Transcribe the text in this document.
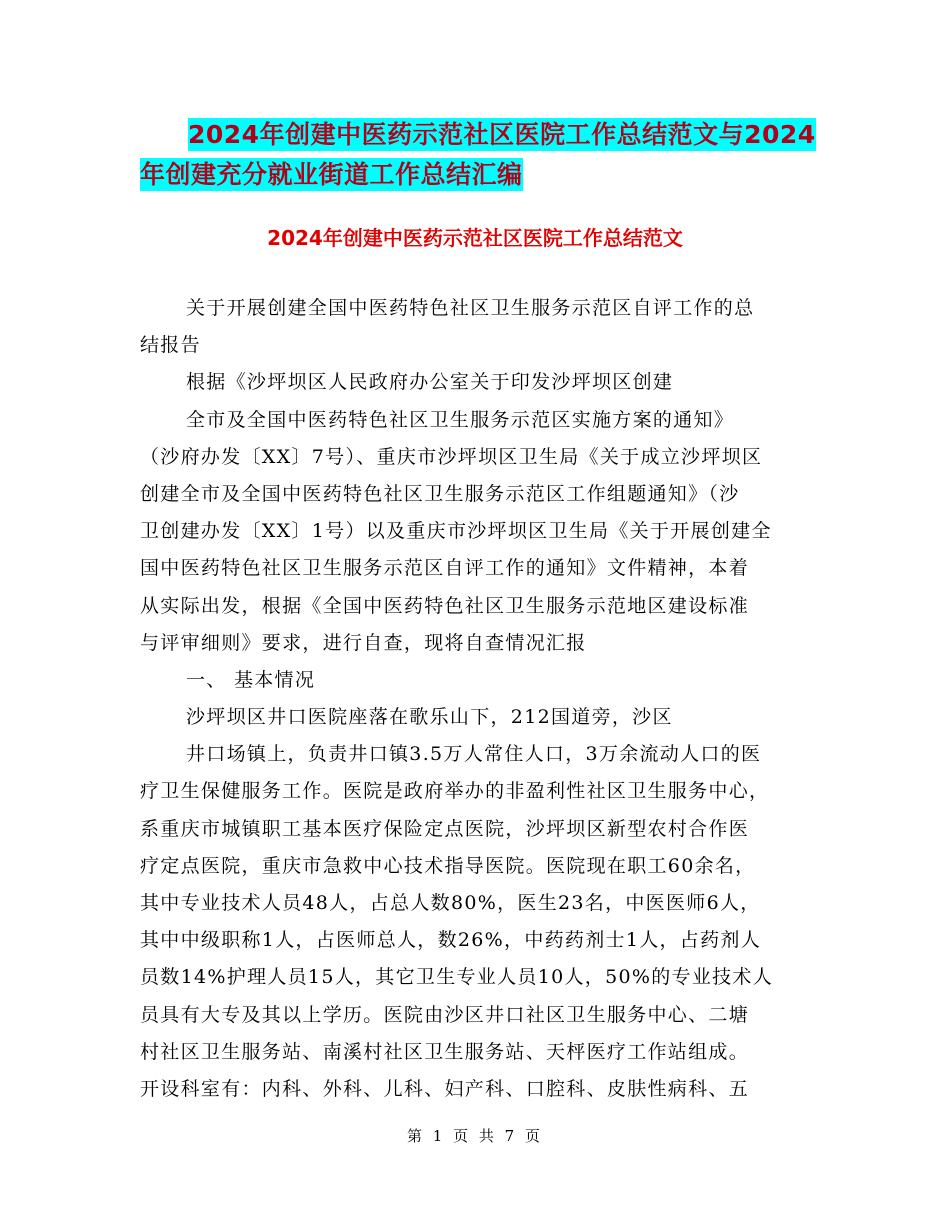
2024年创建中医药示范社区医院工作总结范文与2024
年创建充分就业街道工作总结汇编
2024年创建中医药示范社区医院工作总结范文
关于开展创建全国中医药特色社区卫生服务示范区自评工作的总
结报告
根据《沙坪坝区人民政府办公室关于印发沙坪坝区创建
全市及全国中医药特色社区卫生服务示范区实施方案的通知》
（沙府办发〔XX〕7号）、重庆市沙坪坝区卫生局《关于成立沙坪坝区
创建全市及全国中医药特色社区卫生服务示范区工作组题通知》（沙
卫创建办发〔XX〕1号）以及重庆市沙坪坝区卫生局《关于开展创建全
国中医药特色社区卫生服务示范区自评工作的通知》文件精神，本着
从实际出发，根据《全国中医药特色社区卫生服务示范地区建设标准
与评审细则》要求，进行自查，现将自查情况汇报
一、 基本情况
沙坪坝区井口医院座落在歌乐山下，212国道旁，沙区
井口场镇上，负责井口镇3.5万人常住人口，3万余流动人口的医
疗卫生保健服务工作。医院是政府举办的非盈利性社区卫生服务中心，
系重庆市城镇职工基本医疗保险定点医院，沙坪坝区新型农村合作医
疗定点医院，重庆市急救中心技术指导医院。医院现在职工60余名，
其中专业技术人员48人，占总人数80%，医生23名，中医医师6人，
其中中级职称1人，占医师总人，数26%，中药药剂士1人，占药剂人
员数14%护理人员15人，其它卫生专业人员10人，50%的专业技术人
员具有大专及其以上学历。医院由沙区井口社区卫生服务中心、二塘
村社区卫生服务站、南溪村社区卫生服务站、天枰医疗工作站组成。
开设科室有：内科、外科、儿科、妇产科、口腔科、皮肤性病科、五
第 1 页 共 7 页
